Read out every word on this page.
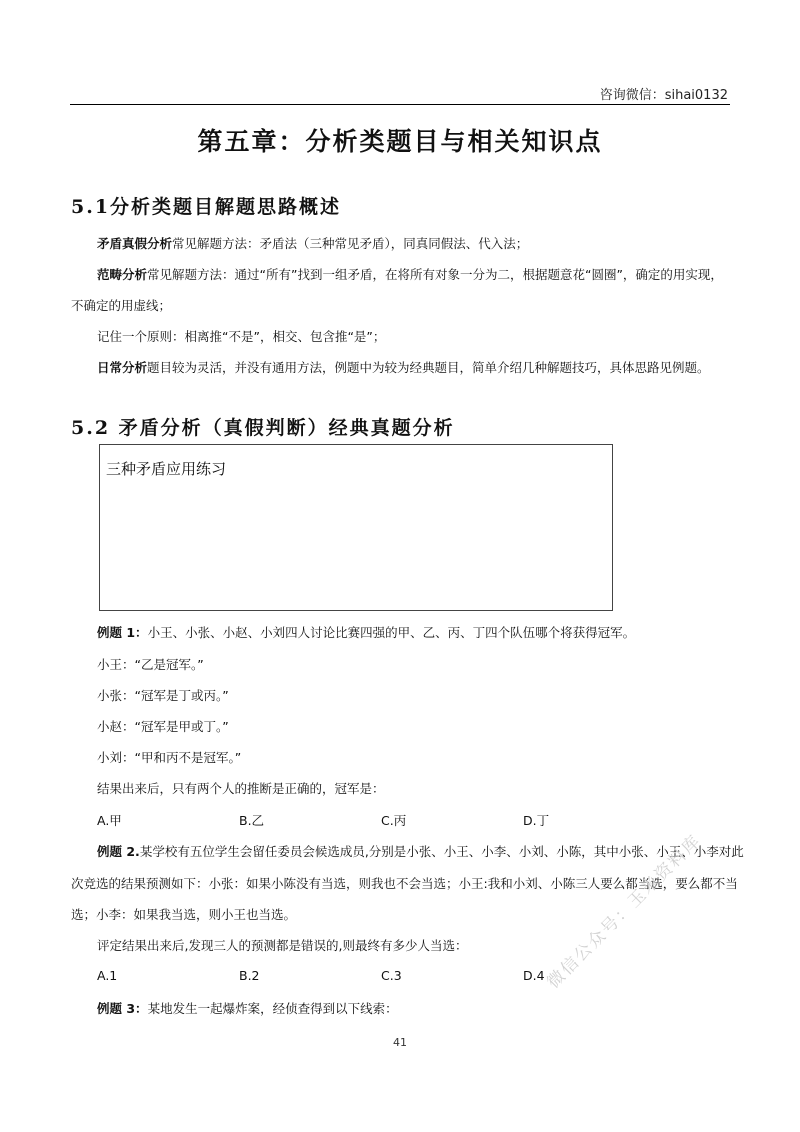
咨询微信：sihai0132
第五章：分析类题目与相关知识点
5.1分析类题目解题思路概述
矛盾真假分析常见解题方法：矛盾法（三种常见矛盾），同真同假法、代入法；
范畴分析常见解题方法：通过“所有”找到一组矛盾，在将所有对象一分为二，根据题意花“圆圈”，确定的用实现，
不确定的用虚线；
记住一个原则：相离推“不是”，相交、包含推“是”；
日常分析题目较为灵活，并没有通用方法，例题中为较为经典题目，简单介绍几种解题技巧，具体思路见例题。
5.2 矛盾分析（真假判断）经典真题分析
三种矛盾应用练习
例题 1：小王、小张、小赵、小刘四人讨论比赛四强的甲、乙、丙、丁四个队伍哪个将获得冠军。
小王：“乙是冠军。”
小张：“冠军是丁或丙。”
小赵：“冠军是甲或丁。”
小刘：“甲和丙不是冠军。”
结果出来后，只有两个人的推断是正确的，冠军是：
A.甲	B.乙	C.丙	D.丁
例题 2.某学校有五位学生会留任委员会候选成员,分别是小张、小王、小李、小刘、小陈，其中小张、小王、小李对此
次竞选的结果预测如下：小张：如果小陈没有当选，则我也不会当选；小王:我和小刘、小陈三人要么都当选，要么都不当
选；小李：如果我当选，则小王也当选。
评定结果出来后,发现三人的预测都是错误的,则最终有多少人当选：
A.1	B.2	C.3	D.4
例题 3：某地发生一起爆炸案，经侦查得到以下线索：
41
微信公众号：玉米资料库
